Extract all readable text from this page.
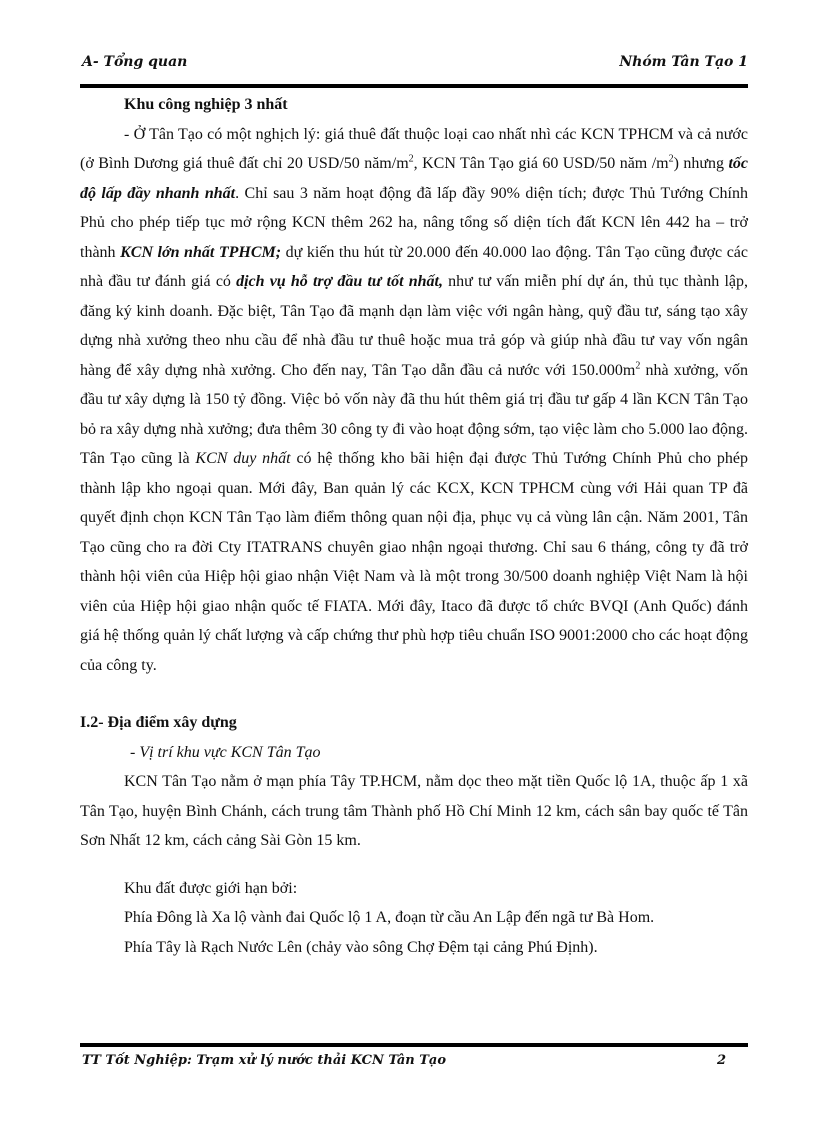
A- Tổng quan	Nhóm Tân Tạo 1

Khu công nghiệp 3 nhất

- Ở Tân Tạo có một nghịch lý: giá thuê đất thuộc loại cao nhất nhì các KCN TPHCM và cả nước (ở Bình Dương giá thuê đất chỉ 20 USD/50 năm/$m^2$, KCN Tân Tạo giá 60 USD/50 năm $/m^2$) nhưng tốc độ lấp đầy nhanh nhất. Chỉ sau 3 năm hoạt động đã lấp đầy 90% diện tích; được Thủ Tướng Chính Phủ cho phép tiếp tục mở rộng KCN thêm 262 ha, nâng tổng số diện tích đất KCN lên 442 ha – trở thành KCN lớn nhất TPHCM; dự kiến thu hút từ 20.000 đến 40.000 lao động. Tân Tạo cũng được các nhà đầu tư đánh giá có dịch vụ hỗ trợ đầu tư tốt nhất, như tư vấn miễn phí dự án, thủ tục thành lập, đăng ký kinh doanh. Đặc biệt, Tân Tạo đã mạnh dạn làm việc với ngân hàng, quỹ đầu tư, sáng tạo xây dựng nhà xưởng theo nhu cầu để nhà đầu tư thuê hoặc mua trả góp và giúp nhà đầu tư vay vốn ngân hàng để xây dựng nhà xưởng. Cho đến nay, Tân Tạo dẫn đầu cả nước với $150.000m^2$ nhà xưởng, vốn đầu tư xây dựng là 150 tỷ đồng. Việc bỏ vốn này đã thu hút thêm giá trị đầu tư gấp 4 lần KCN Tân Tạo bỏ ra xây dựng nhà xưởng; đưa thêm 30 công ty đi vào hoạt động sớm, tạo việc làm cho 5.000 lao động. Tân Tạo cũng là KCN duy nhất có hệ thống kho bãi hiện đại được Thủ Tướng Chính Phủ cho phép thành lập kho ngoại quan. Mới đây, Ban quản lý các KCX, KCN TPHCM cùng với Hải quan TP đã quyết định chọn KCN Tân Tạo làm điểm thông quan nội địa, phục vụ cả vùng lân cận. Năm 2001, Tân Tạo cũng cho ra đời Cty ITATRANS chuyên giao nhận ngoại thương. Chỉ sau 6 tháng, công ty đã trở thành hội viên của Hiệp hội giao nhận Việt Nam và là một trong 30/500 doanh nghiệp Việt Nam là hội viên của Hiệp hội giao nhận quốc tế FIATA. Mới đây, Itaco đã được tổ chức BVQI (Anh Quốc) đánh giá hệ thống quản lý chất lượng và cấp chứng thư phù hợp tiêu chuẩn ISO 9001:2000 cho các hoạt động của công ty.

I.2- Địa điểm xây dựng

- Vị trí khu vực KCN Tân Tạo

KCN Tân Tạo nằm ở mạn phía Tây TP.HCM, nằm dọc theo mặt tiền Quốc lộ 1A, thuộc ấp 1 xã Tân Tạo, huyện Bình Chánh, cách trung tâm Thành phố Hồ Chí Minh 12 km, cách sân bay quốc tế Tân Sơn Nhất 12 km, cách cảng Sài Gòn 15 km.

Khu đất được giới hạn bởi:

Phía Đông là Xa lộ vành đai Quốc lộ 1 A, đoạn từ cầu An Lập đến ngã tư Bà Hom.

Phía Tây là Rạch Nước Lên (chảy vào sông Chợ Đệm tại cảng Phú Định).

TT Tốt Nghiệp: Trạm xử lý nước thải KCN Tân Tạo	2
